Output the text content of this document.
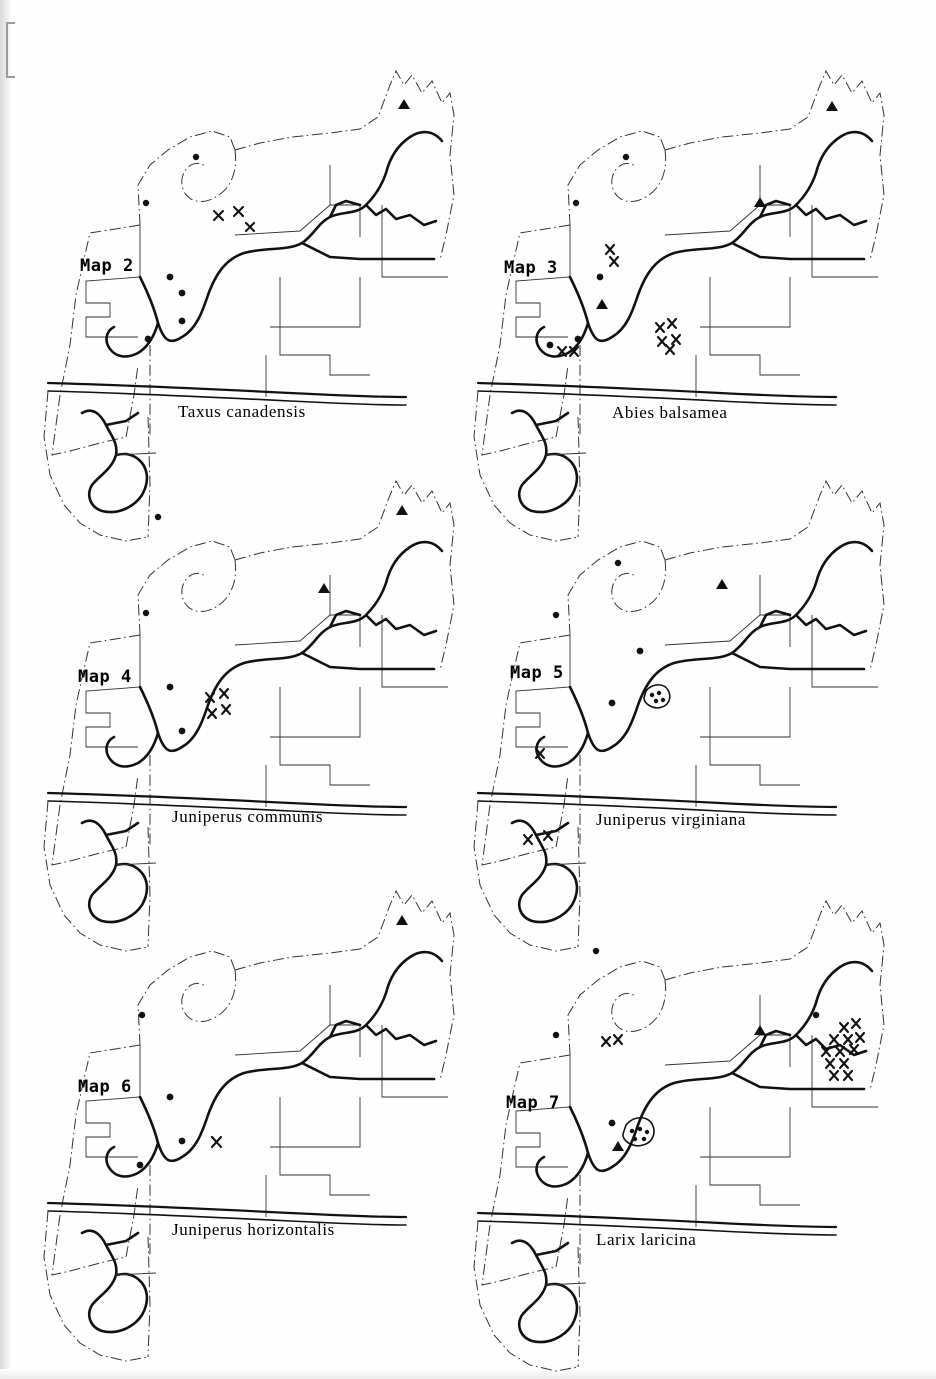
Map 2
Taxus canadensis
Map 3
Abies balsamea
Map 4
Juniperus communis
Map 5
Juniperus virginiana
Map 6
Juniperus horizontalis
Map 7
Larix laricina
